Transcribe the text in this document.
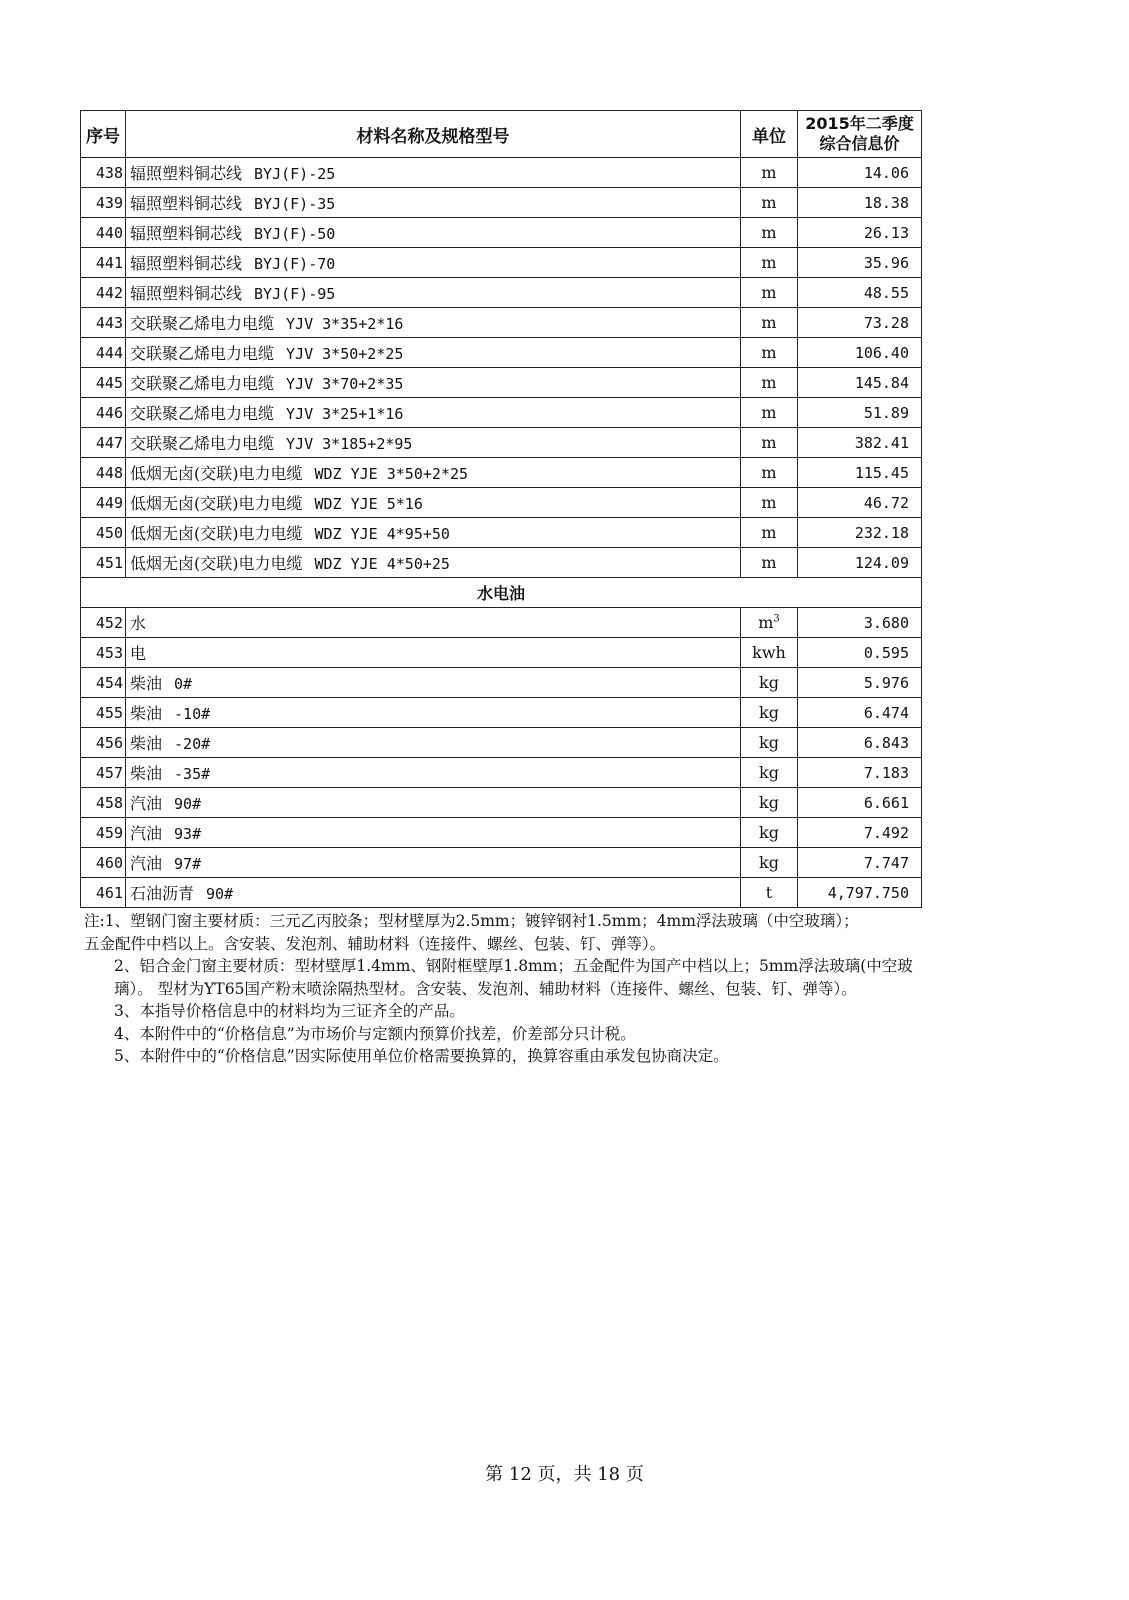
序号	材料名称及规格型号	单位	2015年二季度
综合信息价

438	辐照塑料铜芯线 BYJ(F)-25	m	14.06
439	辐照塑料铜芯线 BYJ(F)-35	m	18.38
440	辐照塑料铜芯线 BYJ(F)-50	m	26.13
441	辐照塑料铜芯线 BYJ(F)-70	m	35.96
442	辐照塑料铜芯线 BYJ(F)-95	m	48.55
443	交联聚乙烯电力电缆 YJV 3*35+2*16	m	73.28
444	交联聚乙烯电力电缆 YJV 3*50+2*25	m	106.40
445	交联聚乙烯电力电缆 YJV 3*70+2*35	m	145.84
446	交联聚乙烯电力电缆 YJV 3*25+1*16	m	51.89
447	交联聚乙烯电力电缆 YJV 3*185+2*95	m	382.41
448	低烟无卤(交联)电力电缆 WDZ YJE 3*50+2*25	m	115.45
449	低烟无卤(交联)电力电缆 WDZ YJE 5*16	m	46.72
450	低烟无卤(交联)电力电缆 WDZ YJE 4*95+50	m	232.18
451	低烟无卤(交联)电力电缆 WDZ YJE 4*50+25	m	124.09
水电油			
452	水	$m^3$	3.680
453	电	kwh	0.595
454	柴油 0#	kg	5.976
455	柴油 -10#	kg	6.474
456	柴油 -20#	kg	6.843
457	柴油 -35#	kg	7.183
458	汽油 90#	kg	6.661
459	汽油 93#	kg	7.492
460	汽油 97#	kg	7.747
461	石油沥青 90#	t	4,797.750

注:1、塑钢门窗主要材质：三元乙丙胶条；型材壁厚为2.5mm；镀锌钢衬1.5mm；4mm浮法玻璃（中空玻璃）；

五金配件中档以上。含安装、发泡剂、辅助材料（连接件、螺丝、包装、钉、弹等）。

2、铝合金门窗主要材质：型材壁厚1.4mm、钢附框壁厚1.8mm；五金配件为国产中档以上；5mm浮法玻璃(中空玻璃）。 型材为YT65国产粉末喷涂隔热型材。含安装、发泡剂、辅助材料（连接件、螺丝、包装、钉、弹等）。

3、本指导价格信息中的材料均为三证齐全的产品。

4、本附件中的“价格信息”为市场价与定额内预算价找差，价差部分只计税。

5、本附件中的“价格信息”因实际使用单位价格需要换算的，换算容重由承发包协商决定。

第 12 页，共 18 页
